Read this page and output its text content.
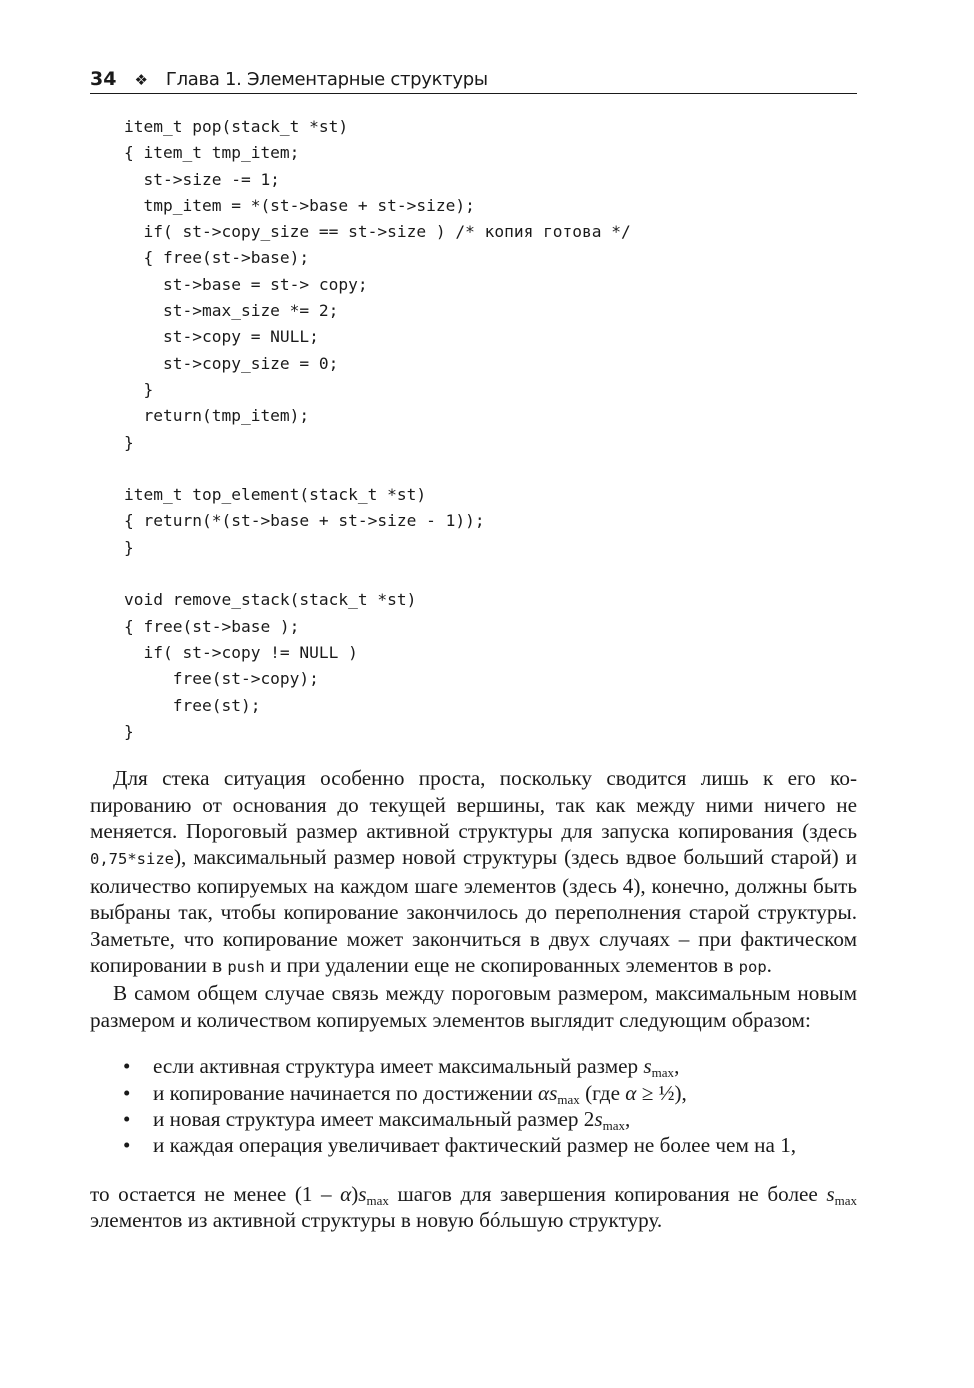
34 ❖ Глава 1. Элементарные структуры
item_t pop(stack_t *st)
{ item_t tmp_item;
st->size -= 1;
tmp_item = *(st->base + st->size);
if( st->copy_size == st->size ) /* копия готова */
{ free(st->base);
st->base = st-> copy;
st->max_size *= 2;
st->copy = NULL;
st->copy_size = 0;
}
return(tmp_item);
}
item_t top_element(stack_t *st)
{ return(*(st->base + st->size - 1));
}
void remove_stack(stack_t *st)
{ free(st->base );
if( st->copy != NULL )
free(st->copy);
free(st);
}

Для стека ситуация особенно проста, поскольку сводится лишь к его копированию от основания до текущей вершины, так как между ними ничего не меняется. Пороговый размер активной структуры для запуска копирования (здесь 0,75*size), максимальный размер новой структуры (здесь вдвое больший старой) и количество копируемых на каждом шаге элементов (здесь 4), конечно, должны быть выбраны так, чтобы копирование закончилось до переполнения старой структуры. Заметьте, что копирование может закончиться в двух случаях – при фактическом копировании в push и при удалении еще не скопированных элементов в pop.

В самом общем случае связь между пороговым размером, максимальным новым размером и количеством копируемых элементов выглядит следующим образом:

• если активная структура имеет максимальный размер $s_{max}$,
• и копирование начинается по достижении $\alpha s_{max}$ (где α ≥ ½),
• и новая структура имеет максимальный размер $2s_{max}$,
• и каждая операция увеличивает фактический размер не более чем на 1,

то остается не менее $(1 - \alpha)s_{max}$ шагов для завершения копирования не более $s_{max}$ элементов из активной структуры в новую бóльшую структуру.
